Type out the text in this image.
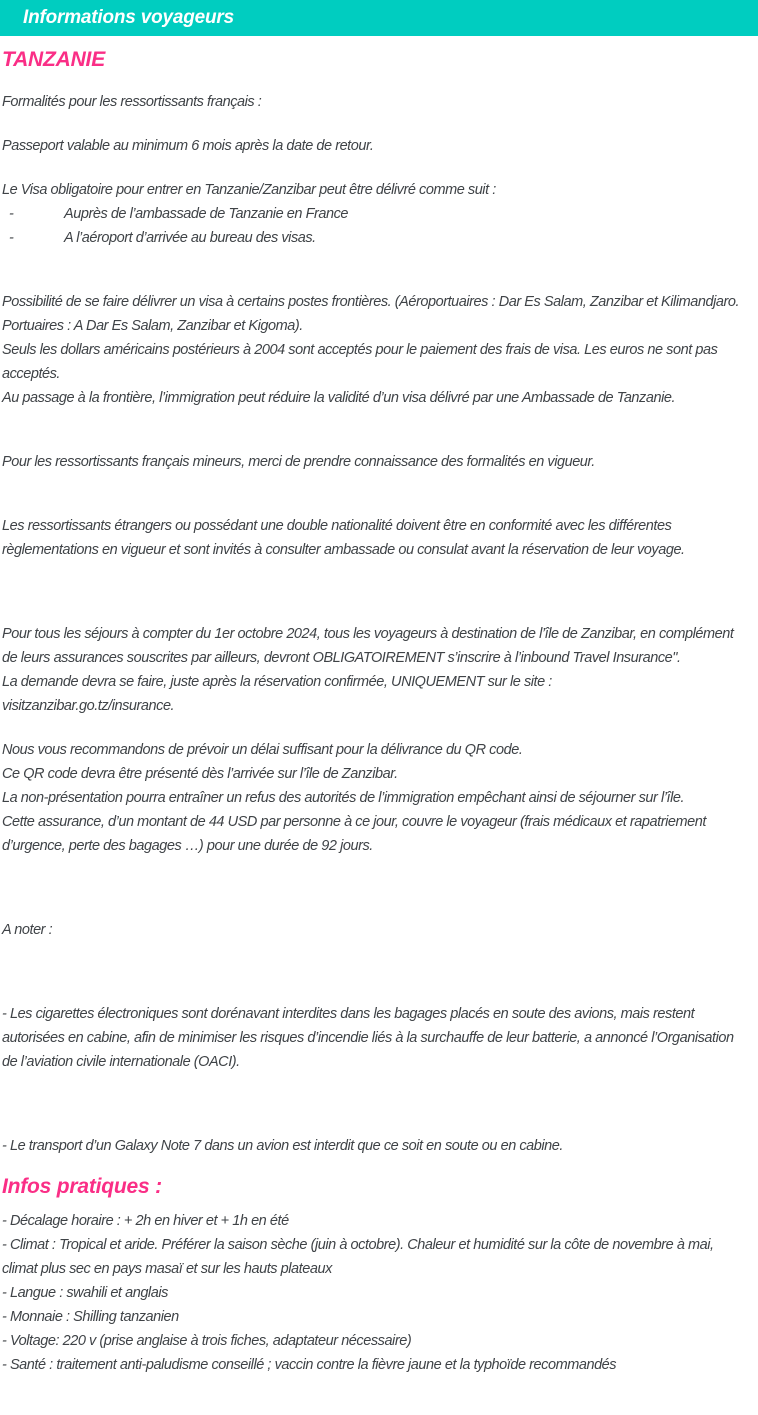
Informations voyageurs
TANZANIE
Formalités pour les ressortissants français :
Passeport valable au minimum 6 mois après la date de retour.
Le Visa obligatoire pour entrer en Tanzanie/Zanzibar peut être délivré comme suit :
-	Auprès de l’ambassade de Tanzanie en France
-	A l’aéroport d’arrivée au bureau des visas.
Possibilité de se faire délivrer un visa à certains postes frontières. (Aéroportuaires : Dar Es Salam, Zanzibar et Kilimandjaro. Portuaires : A Dar Es Salam, Zanzibar et Kigoma).
Seuls les dollars américains postérieurs à 2004 sont acceptés pour le paiement des frais de visa. Les euros ne sont pas acceptés.
Au passage à la frontière, l’immigration peut réduire la validité d’un visa délivré par une Ambassade de Tanzanie.
Pour les ressortissants français mineurs, merci de prendre connaissance des formalités en vigueur.
Les ressortissants étrangers ou possédant une double nationalité doivent être en conformité avec les différentes règlementations en vigueur et sont invités à consulter ambassade ou consulat avant la réservation de leur voyage.
Pour tous les séjours à compter du 1er octobre 2024, tous les voyageurs à destination de l’île de Zanzibar, en complément de leurs assurances souscrites par ailleurs, devront OBLIGATOIREMENT s’inscrire à l’inbound Travel Insurance".
La demande devra se faire, juste après la réservation confirmée, UNIQUEMENT sur le site :
visitzanzibar.go.tz/insurance.
Nous vous recommandons de prévoir un délai suffisant pour la délivrance du QR code.
Ce QR code devra être présenté dès l’arrivée sur l’île de Zanzibar.
La non-présentation pourra entraîner un refus des autorités de l’immigration empêchant ainsi de séjourner sur l’île.
Cette assurance, d’un montant de 44 USD par personne à ce jour, couvre le voyageur (frais médicaux et rapatriement d’urgence, perte des bagages …) pour une durée de 92 jours.
A noter :
- Les cigarettes électroniques sont dorénavant interdites dans les bagages placés en soute des avions, mais restent autorisées en cabine, afin de minimiser les risques d’incendie liés à la surchauffe de leur batterie, a annoncé l’Organisation de l’aviation civile internationale (OACI).
- Le transport d’un Galaxy Note 7 dans un avion est interdit que ce soit en soute ou en cabine.
Infos pratiques :
- Décalage horaire : + 2h en hiver et + 1h en été
- Climat : Tropical et aride. Préférer la saison sèche (juin à octobre). Chaleur et humidité sur la côte de novembre à mai, climat plus sec en pays masaï et sur les hauts plateaux
- Langue : swahili et anglais
- Monnaie : Shilling tanzanien
- Voltage: 220 v (prise anglaise à trois fiches, adaptateur nécessaire)
- Santé : traitement anti-paludisme conseillé ; vaccin contre la fièvre jaune et la typhoïde recommandés
